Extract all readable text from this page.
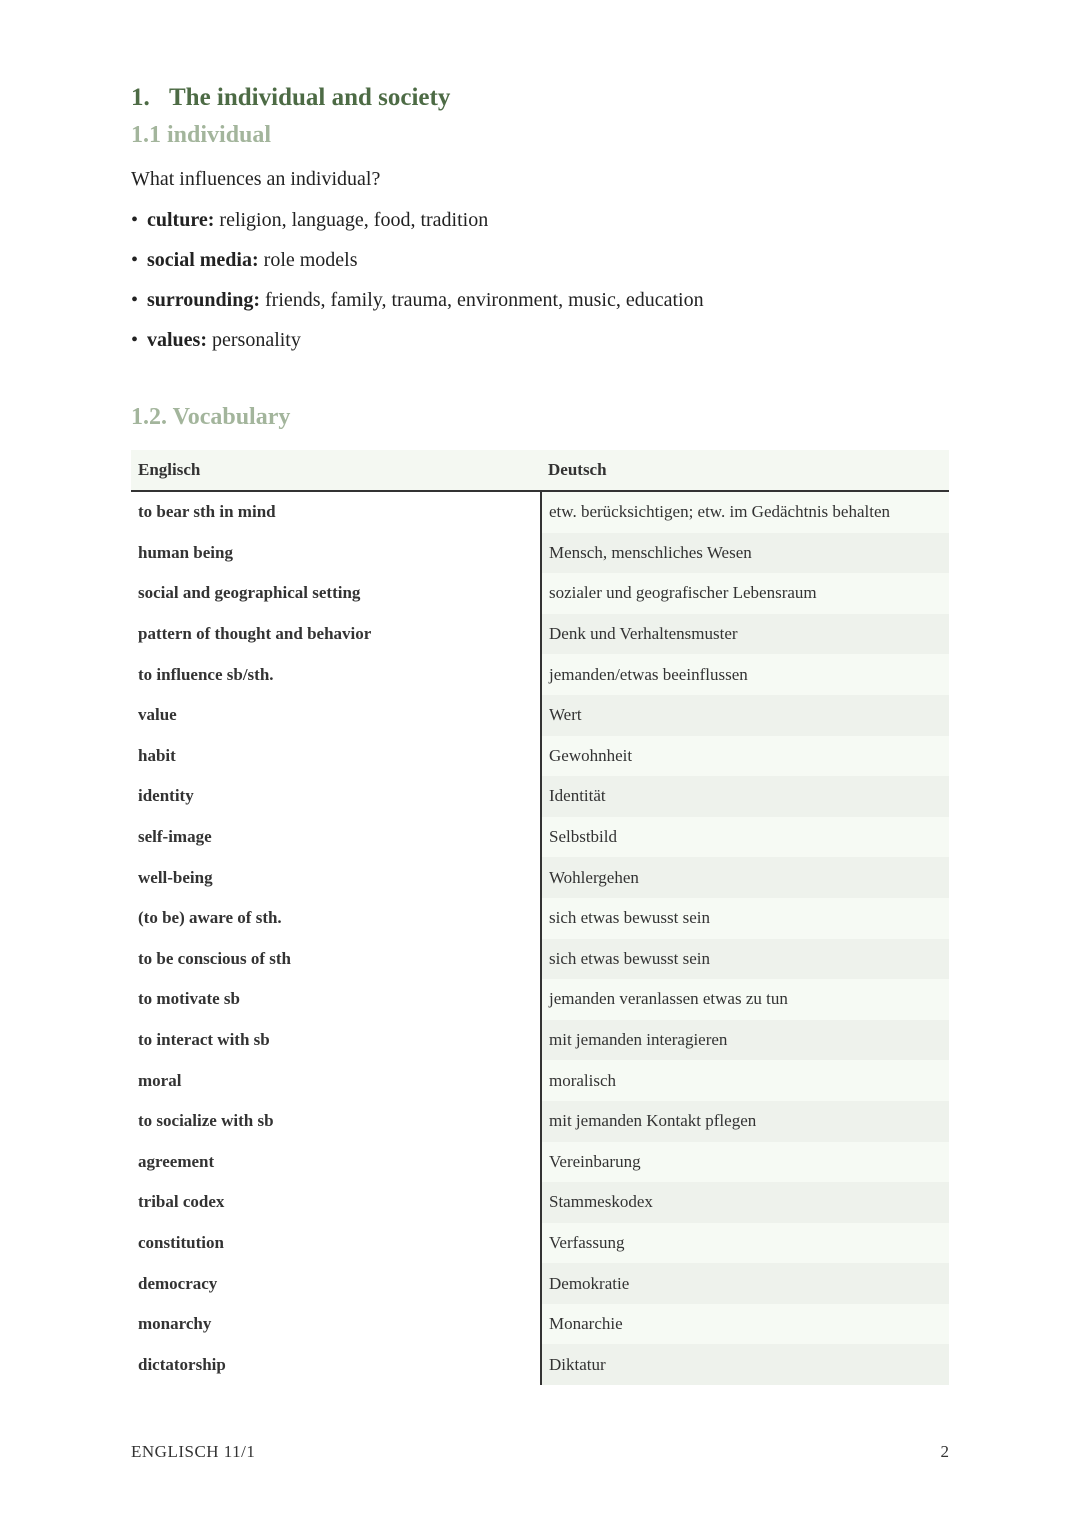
1. The individual and society
1.1 individual
What influences an individual?
• culture: religion, language, food, tradition
• social media: role models
• surrounding: friends, family, trauma, environment, music, education
• values: personality
1.2. Vocabulary
Englisch	Deutsch
to bear sth in mind	etw. berücksichtigen; etw. im Gedächtnis behalten
human being	Mensch, menschliches Wesen
social and geographical setting	sozialer und geografischer Lebensraum
pattern of thought and behavior	Denk und Verhaltensmuster
to influence sb/sth.	jemanden/etwas beeinflussen
value	Wert
habit	Gewohnheit
identity	Identität
self-image	Selbstbild
well-being	Wohlergehen
(to be) aware of sth.	sich etwas bewusst sein
to be conscious of sth	sich etwas bewusst sein
to motivate sb	jemanden veranlassen etwas zu tun
to interact with sb	mit jemanden interagieren
moral	moralisch
to socialize with sb	mit jemanden Kontakt pflegen
agreement	Vereinbarung
tribal codex	Stammeskodex
constitution	Verfassung
democracy	Demokratie
monarchy	Monarchie
dictatorship	Diktatur
ENGLISCH 11/1	2
